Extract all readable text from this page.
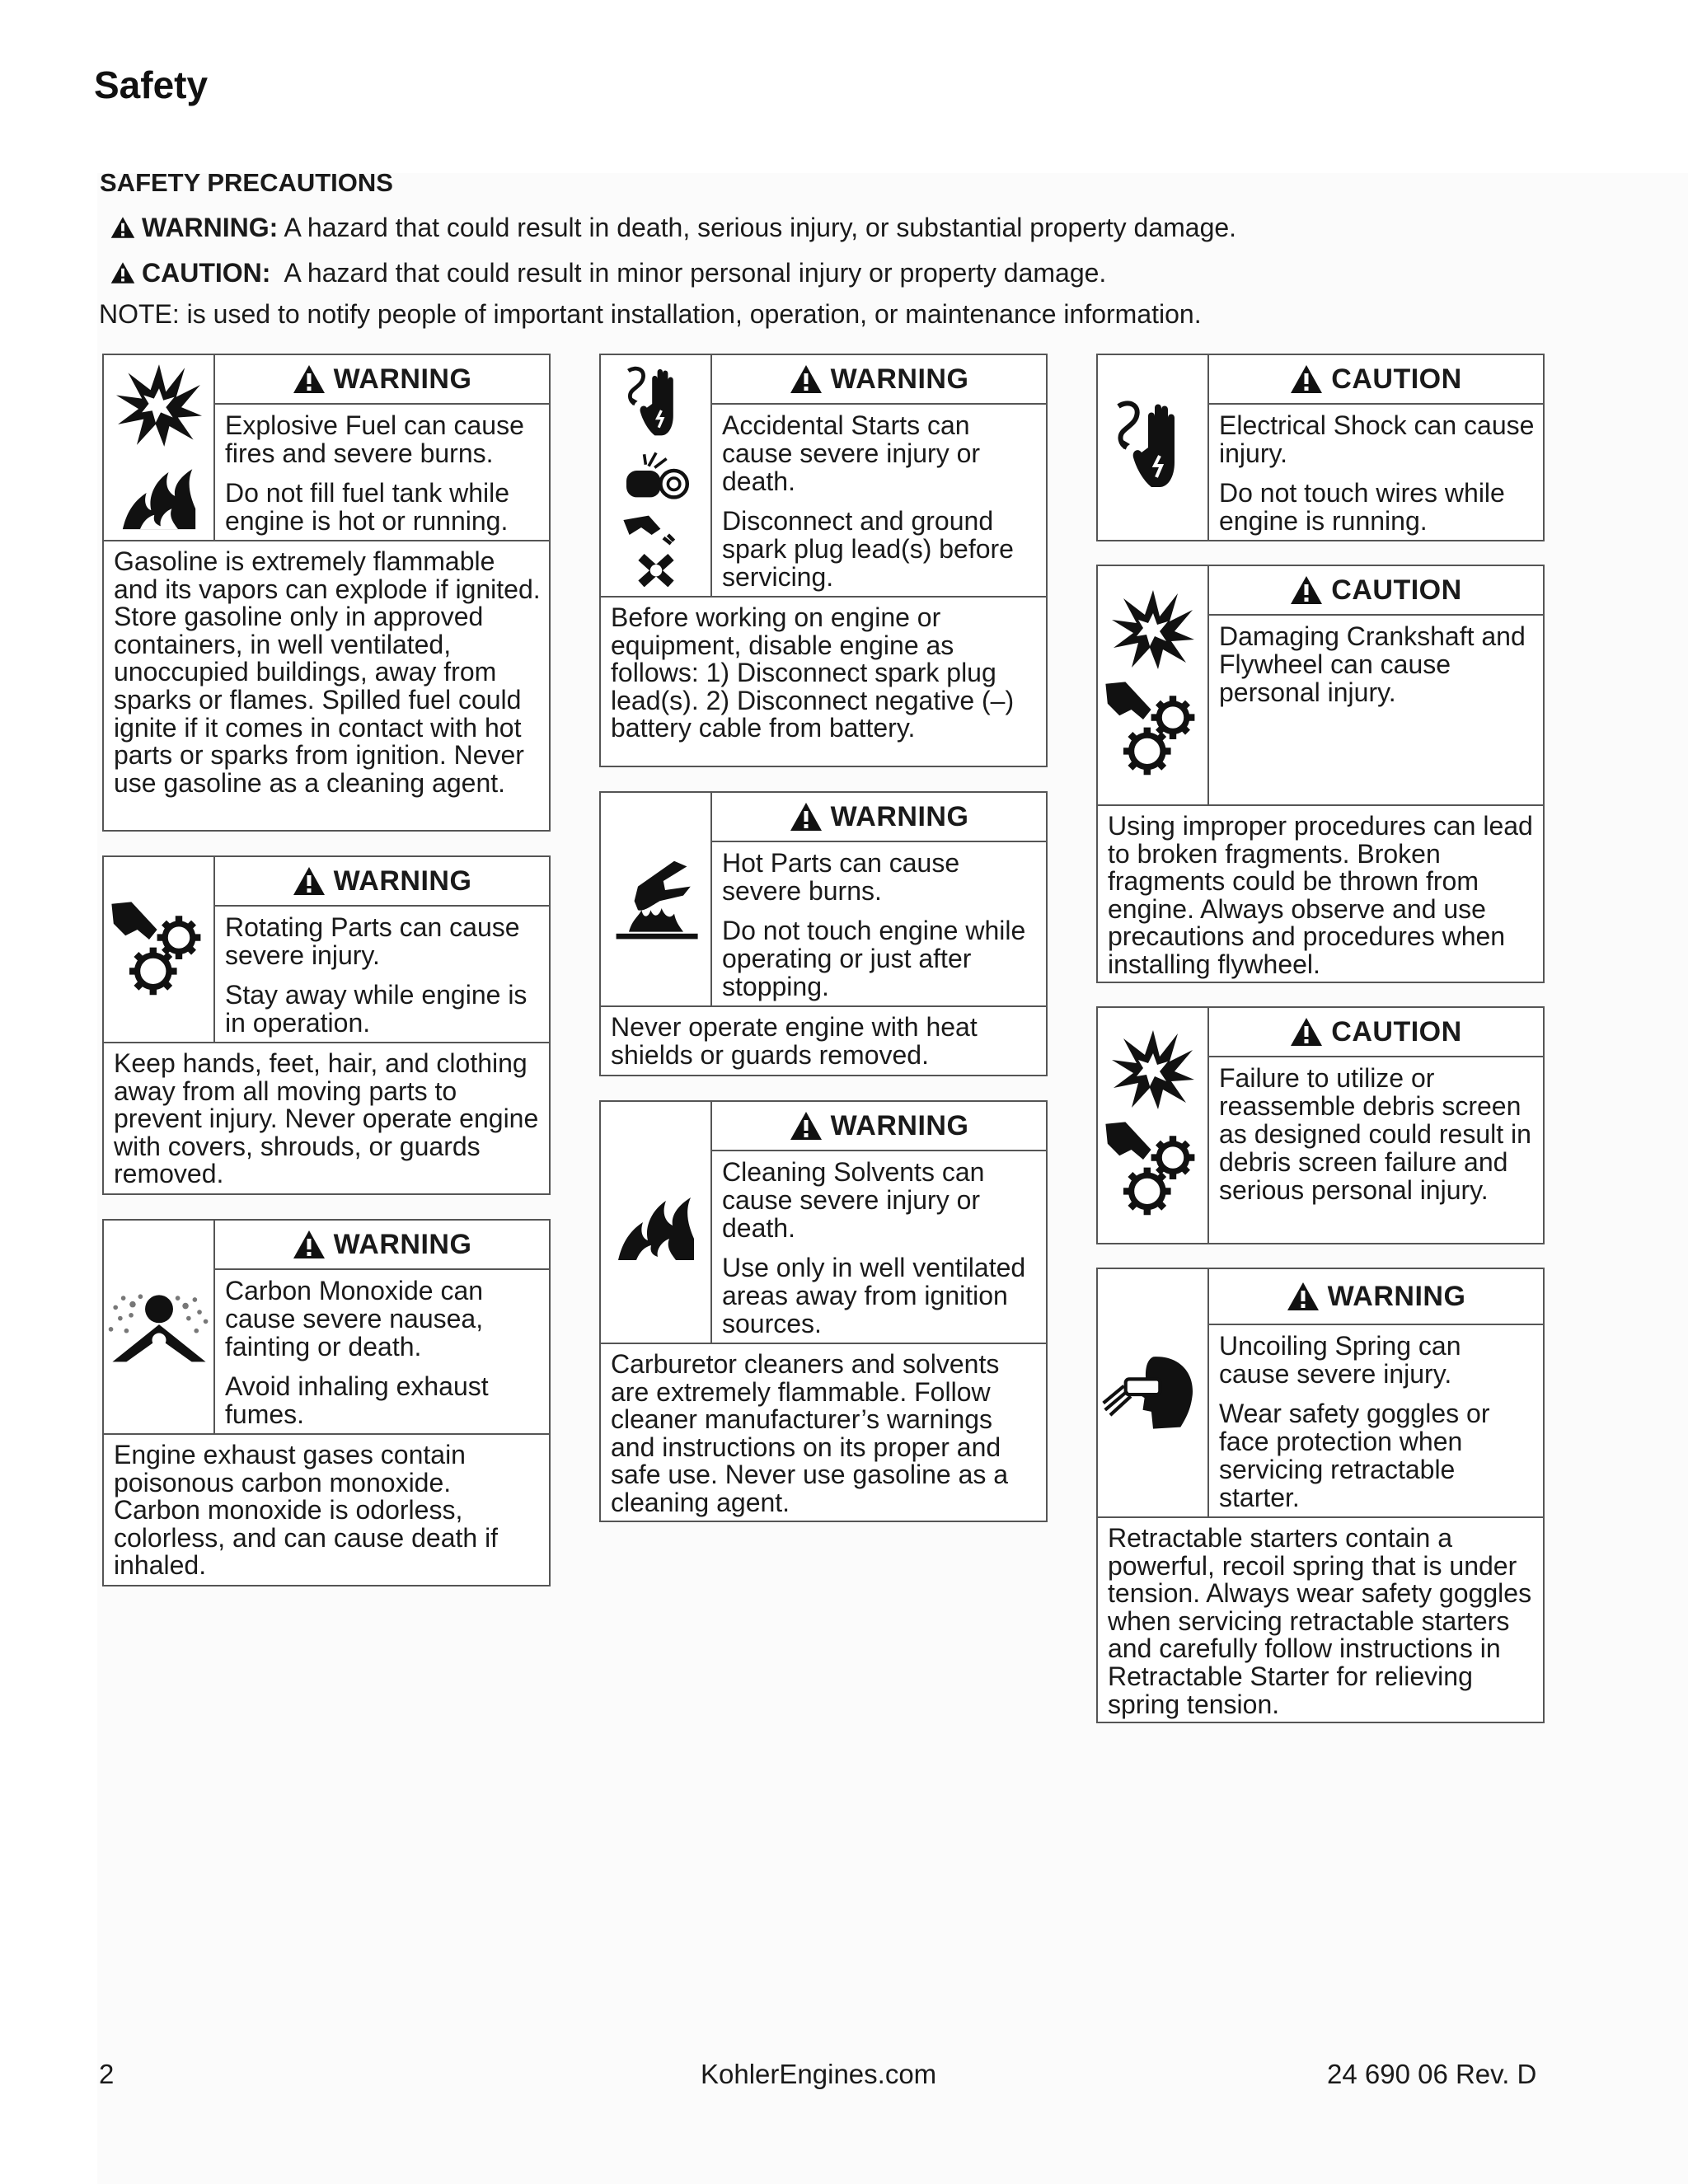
Safety
SAFETY PRECAUTIONS
WARNING: A hazard that could result in death, serious injury, or substantial property damage.
CAUTION: A hazard that could result in minor personal injury or property damage.
NOTE: is used to notify people of important installation, operation, or maintenance information.
WARNING
Explosive Fuel can cause fires and severe burns.
Do not fill fuel tank while engine is hot or running.
Gasoline is extremely flammable and its vapors can explode if ignited. Store gasoline only in approved containers, in well ventilated, unoccupied buildings, away from sparks or flames. Spilled fuel could ignite if it comes in contact with hot parts or sparks from ignition. Never use gasoline as a cleaning agent.
WARNING
Rotating Parts can cause severe injury.
Stay away while engine is in operation.
Keep hands, feet, hair, and clothing away from all moving parts to prevent injury. Never operate engine with covers, shrouds, or guards removed.
WARNING
Carbon Monoxide can cause severe nausea, fainting or death.
Avoid inhaling exhaust fumes.
Engine exhaust gases contain poisonous carbon monoxide. Carbon monoxide is odorless, colorless, and can cause death if inhaled.
WARNING
Accidental Starts can cause severe injury or death.
Disconnect and ground spark plug lead(s) before servicing.
Before working on engine or equipment, disable engine as follows: 1) Disconnect spark plug lead(s). 2) Disconnect negative (–) battery cable from battery.
WARNING
Hot Parts can cause severe burns.
Do not touch engine while operating or just after stopping.
Never operate engine with heat shields or guards removed.
WARNING
Cleaning Solvents can cause severe injury or death.
Use only in well ventilated areas away from ignition sources.
Carburetor cleaners and solvents are extremely flammable. Follow cleaner manufacturer’s warnings and instructions on its proper and safe use. Never use gasoline as a cleaning agent.
CAUTION
Electrical Shock can cause injury.
Do not touch wires while engine is running.
CAUTION
Damaging Crankshaft and Flywheel can cause personal injury.
Using improper procedures can lead to broken fragments. Broken fragments could be thrown from engine. Always observe and use precautions and procedures when installing flywheel.
CAUTION
Failure to utilize or reassemble debris screen as designed could result in debris screen failure and serious personal injury.
WARNING
Uncoiling Spring can cause severe injury.
Wear safety goggles or face protection when servicing retractable starter.
Retractable starters contain a powerful, recoil spring that is under tension. Always wear safety goggles when servicing retractable starters and carefully follow instructions in Retractable Starter for relieving spring tension.
2	KohlerEngines.com	24 690 06 Rev. D
